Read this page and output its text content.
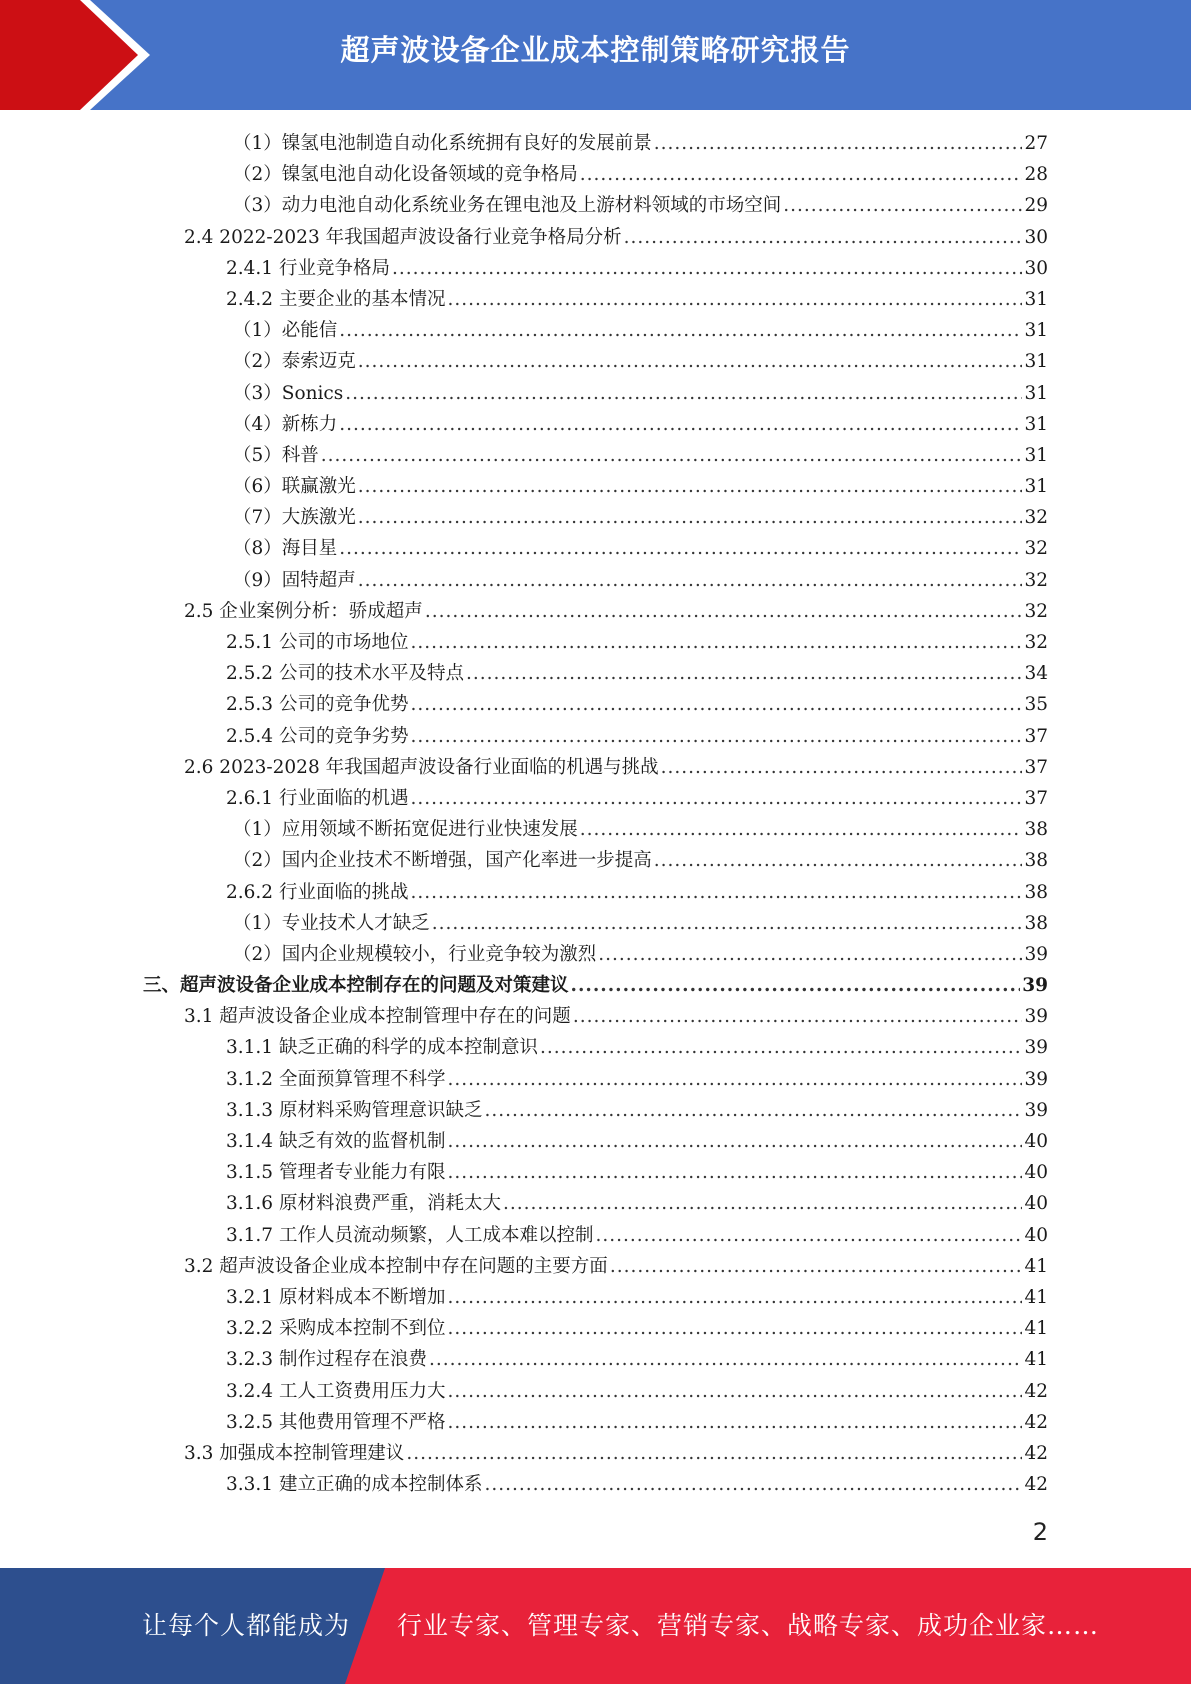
超声波设备企业成本控制策略研究报告
（1）镍氢电池制造自动化系统拥有良好的发展前景 .....	27
（2）镍氢电池自动化设备领域的竞争格局 .....	28
（3）动力电池自动化系统业务在锂电池及上游材料领域的市场空间 .....	29
2.4 2022-2023 年我国超声波设备行业竞争格局分析 .....	30
2.4.1 行业竞争格局 .....	30
2.4.2 主要企业的基本情况 .....	31
（1）必能信 .....	31
（2）泰索迈克 .....	31
（3）Sonics .....	31
（4）新栋力 .....	31
（5）科普 .....	31
（6）联赢激光 .....	31
（7）大族激光 .....	32
（8）海目星 .....	32
（9）固特超声 .....	32
2.5 企业案例分析：骄成超声 .....	32
2.5.1 公司的市场地位 .....	32
2.5.2 公司的技术水平及特点 .....	34
2.5.3 公司的竞争优势 .....	35
2.5.4 公司的竞争劣势 .....	37
2.6 2023-2028 年我国超声波设备行业面临的机遇与挑战 .....	37
2.6.1 行业面临的机遇 .....	37
（1）应用领域不断拓宽促进行业快速发展 .....	38
（2）国内企业技术不断增强，国产化率进一步提高 .....	38
2.6.2 行业面临的挑战 .....	38
（1）专业技术人才缺乏 .....	38
（2）国内企业规模较小，行业竞争较为激烈 .....	39
三、超声波设备企业成本控制存在的问题及对策建议 .....	39
3.1 超声波设备企业成本控制管理中存在的问题 .....	39
3.1.1 缺乏正确的科学的成本控制意识 .....	39
3.1.2 全面预算管理不科学 .....	39
3.1.3 原材料采购管理意识缺乏 .....	39
3.1.4 缺乏有效的监督机制 .....	40
3.1.5 管理者专业能力有限 .....	40
3.1.6 原材料浪费严重，消耗太大 .....	40
3.1.7 工作人员流动频繁，人工成本难以控制 .....	40
3.2 超声波设备企业成本控制中存在问题的主要方面 .....	41
3.2.1 原材料成本不断增加 .....	41
3.2.2 采购成本控制不到位 .....	41
3.2.3 制作过程存在浪费 .....	41
3.2.4 工人工资费用压力大 .....	42
3.2.5 其他费用管理不严格 .....	42
3.3 加强成本控制管理建议 .....	42
3.3.1 建立正确的成本控制体系 .....	42
2
让每个人都能成为 行业专家、管理专家、营销专家、战略专家、成功企业家……
